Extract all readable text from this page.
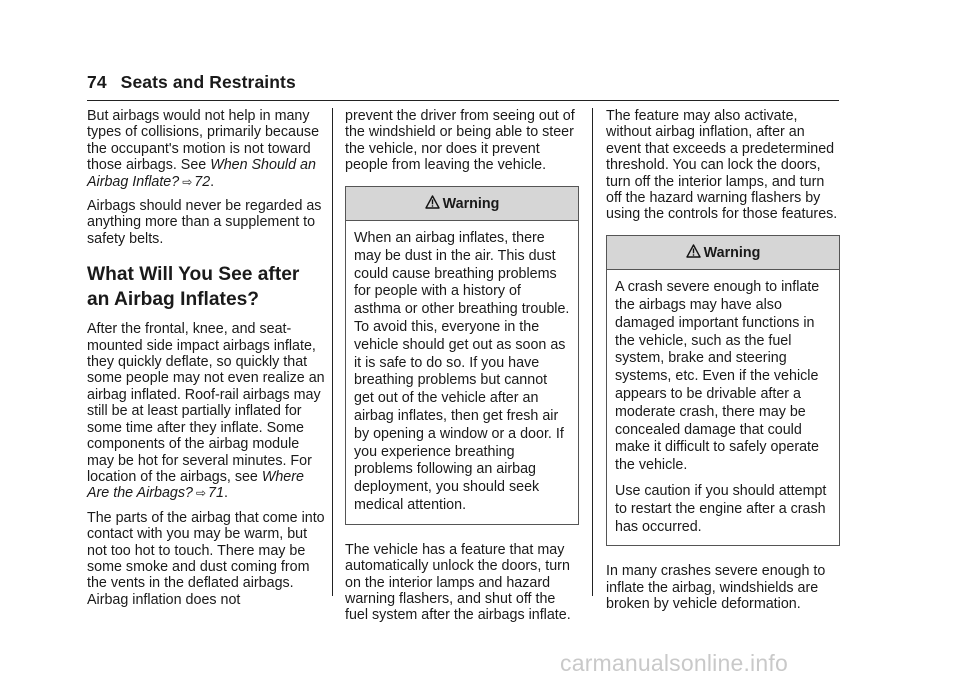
74 Seats and Restraints

But airbags would not help in many types of collisions, primarily because the occupant's motion is not toward those airbags. See When Should an Airbag Inflate? ⇨ 72.

Airbags should never be regarded as anything more than a supplement to safety belts.

What Will You See after an Airbag Inflates?

After the frontal, knee, and seat-mounted side impact airbags inflate, they quickly deflate, so quickly that some people may not even realize an airbag inflated. Roof-rail airbags may still be at least partially inflated for some time after they inflate. Some components of the airbag module may be hot for several minutes. For location of the airbags, see Where Are the Airbags? ⇨ 71.

The parts of the airbag that come into contact with you may be warm, but not too hot to touch. There may be some smoke and dust coming from the vents in the deflated airbags. Airbag inflation does not

prevent the driver from seeing out of the windshield or being able to steer the vehicle, nor does it prevent people from leaving the vehicle.

Warning

When an airbag inflates, there may be dust in the air. This dust could cause breathing problems for people with a history of asthma or other breathing trouble. To avoid this, everyone in the vehicle should get out as soon as it is safe to do so. If you have breathing problems but cannot get out of the vehicle after an airbag inflates, then get fresh air by opening a window or a door. If you experience breathing problems following an airbag deployment, you should seek medical attention.

The vehicle has a feature that may automatically unlock the doors, turn on the interior lamps and hazard warning flashers, and shut off the fuel system after the airbags inflate.

The feature may also activate, without airbag inflation, after an event that exceeds a predetermined threshold. You can lock the doors, turn off the interior lamps, and turn off the hazard warning flashers by using the controls for those features.

Warning

A crash severe enough to inflate the airbags may have also damaged important functions in the vehicle, such as the fuel system, brake and steering systems, etc. Even if the vehicle appears to be drivable after a moderate crash, there may be concealed damage that could make it difficult to safely operate the vehicle.

Use caution if you should attempt to restart the engine after a crash has occurred.

In many crashes severe enough to inflate the airbag, windshields are broken by vehicle deformation.

carmanualsonline.info
